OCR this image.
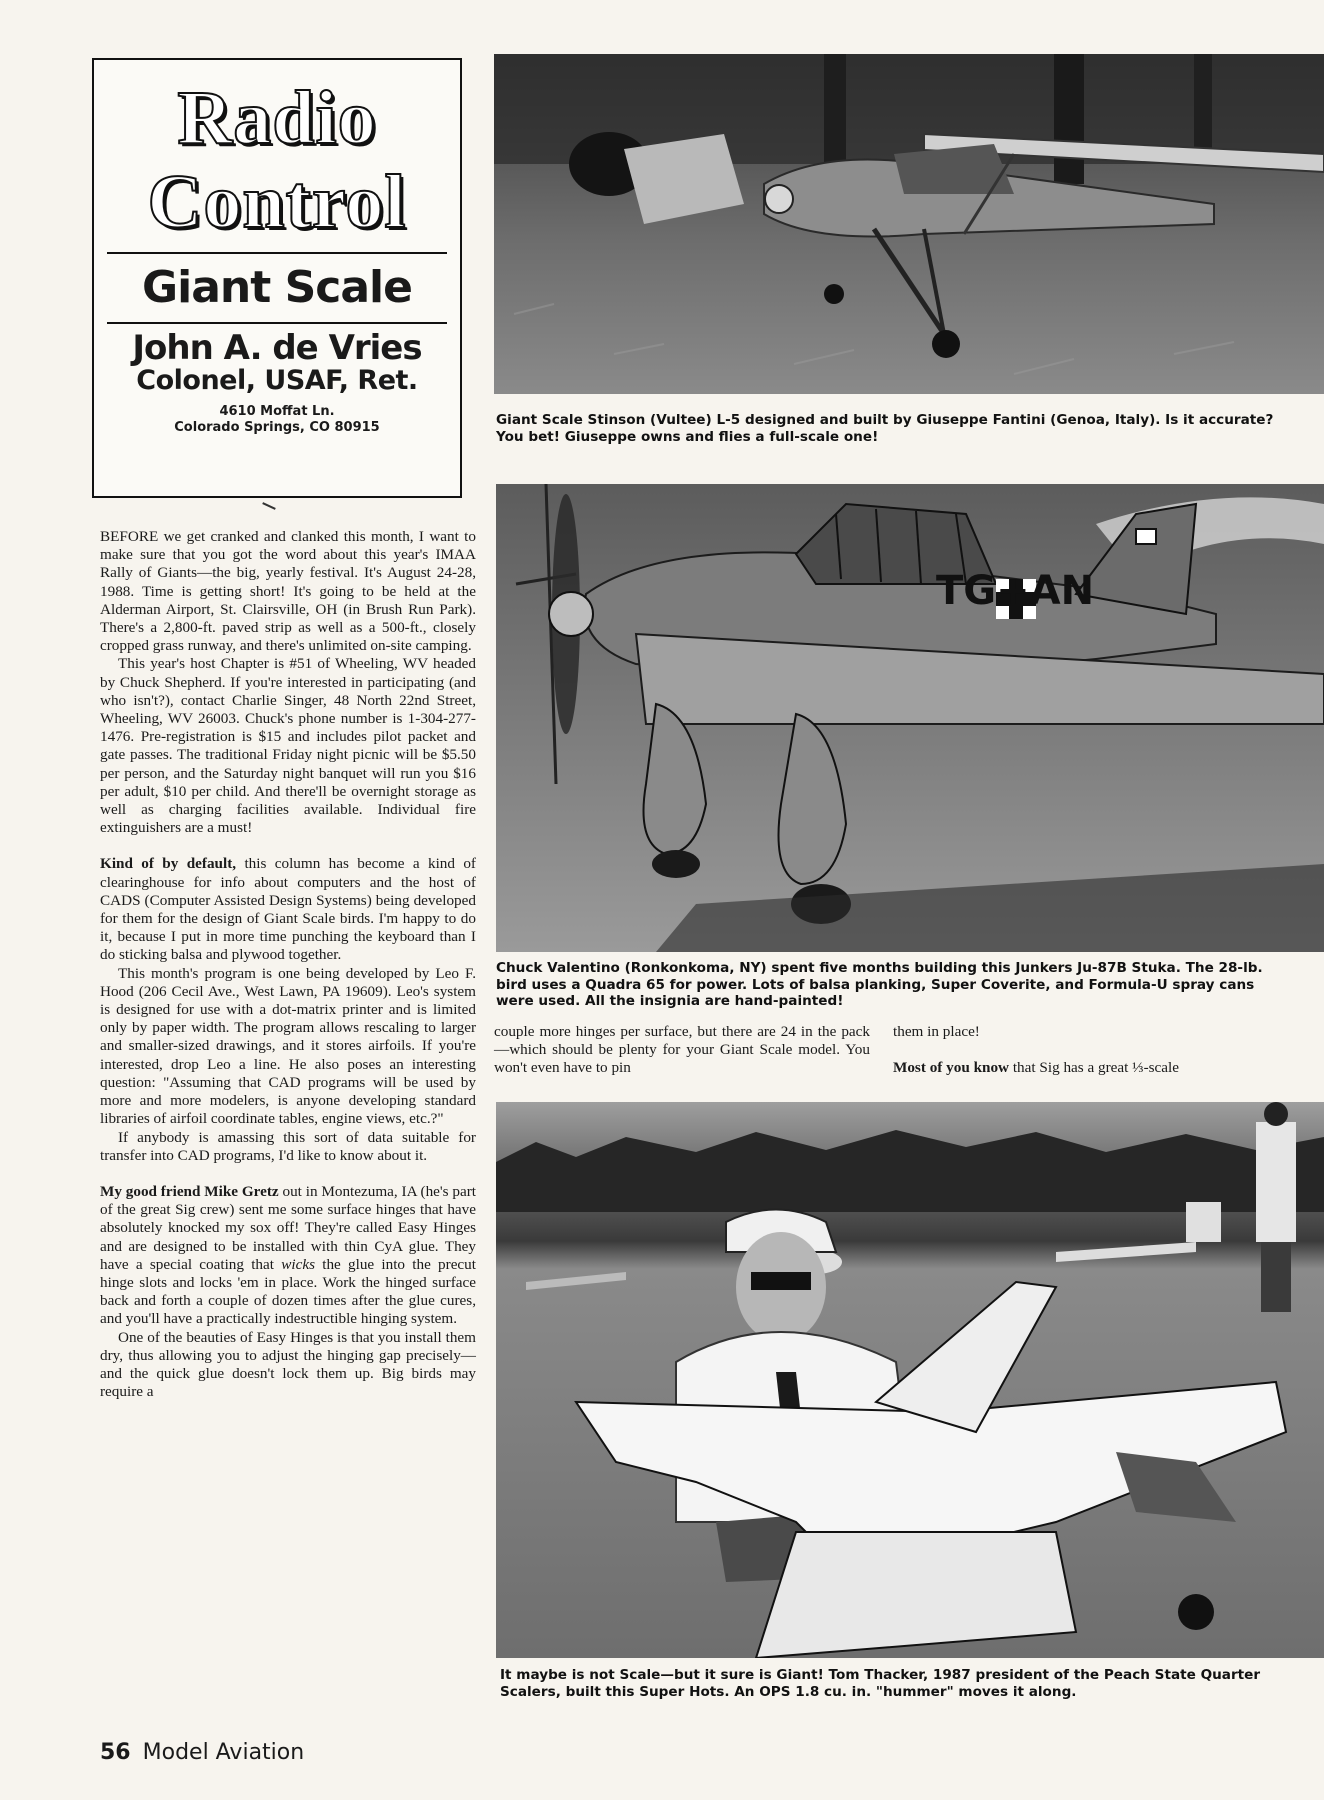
Radio
Control
Giant Scale
John A. de Vries
Colonel, USAF, Ret.
4610 Moffat Ln.
Colorado Springs, CO 80915

BEFORE we get cranked and clanked this month, I want to make sure that you got the word about this year's IMAA Rally of Giants—the big, yearly festival. It's August 24-28, 1988. Time is getting short! It's going to be held at the Alderman Airport, St. Clairsville, OH (in Brush Run Park). There's a 2,800-ft. paved strip as well as a 500-ft., closely cropped grass runway, and there's unlimited on-site camping.

This year's host Chapter is #51 of Wheeling, WV headed by Chuck Shepherd. If you're interested in participating (and who isn't?), contact Charlie Singer, 48 North 22nd Street, Wheeling, WV 26003. Chuck's phone number is 1-304-277-1476. Pre-registration is $15 and includes pilot packet and gate passes. The traditional Friday night picnic will be $5.50 per person, and the Saturday night banquet will run you $16 per adult, $10 per child. And there'll be overnight storage as well as charging facilities available. Individual fire extinguishers are a must!

Kind of by default, this column has become a kind of clearinghouse for info about computers and the host of CADS (Computer Assisted Design Systems) being developed for them for the design of Giant Scale birds. I'm happy to do it, because I put in more time punching the keyboard than I do sticking balsa and plywood together.

This month's program is one being developed by Leo F. Hood (206 Cecil Ave., West Lawn, PA 19609). Leo's system is designed for use with a dot-matrix printer and is limited only by paper width. The program allows rescaling to larger and smaller-sized drawings, and it stores airfoils. If you're interested, drop Leo a line. He also poses an interesting question: "Assuming that CAD programs will be used by more and more modelers, is anyone developing standard libraries of airfoil coordinate tables, engine views, etc.?"

If anybody is amassing this sort of data suitable for transfer into CAD programs, I'd like to know about it.

My good friend Mike Gretz out in Montezuma, IA (he's part of the great Sig crew) sent me some surface hinges that have absolutely knocked my sox off! They're called Easy Hinges and are designed to be installed with thin CyA glue. They have a special coating that wicks the glue into the precut hinge slots and locks 'em in place. Work the hinged surface back and forth a couple of dozen times after the glue cures, and you'll have a practically indestructible hinging system.

One of the beauties of Easy Hinges is that you install them dry, thus allowing you to adjust the hinging gap precisely—and the quick glue doesn't lock them up. Big birds may require a

Giant Scale Stinson (Vultee) L-5 designed and built by Giuseppe Fantini (Genoa, Italy). Is it accurate? You bet! Giuseppe owns and flies a full-scale one!
TG+AN
Chuck Valentino (Ronkonkoma, NY) spent five months building this Junkers Ju-87B Stuka. The 28-lb. bird uses a Quadra 65 for power. Lots of balsa planking, Super Coverite, and Formula-U spray cans were used. All the insignia are hand-painted!

couple more hinges per surface, but there are 24 in the pack—which should be plenty for your Giant Scale model. You won't even have to pin

them in place!

Most of you know that Sig has a great ⅓-scale

It maybe is not Scale—but it sure is Giant! Tom Thacker, 1987 president of the Peach State Quarter Scalers, built this Super Hots. An OPS 1.8 cu. in. "hummer" moves it along.
56 Model Aviation
